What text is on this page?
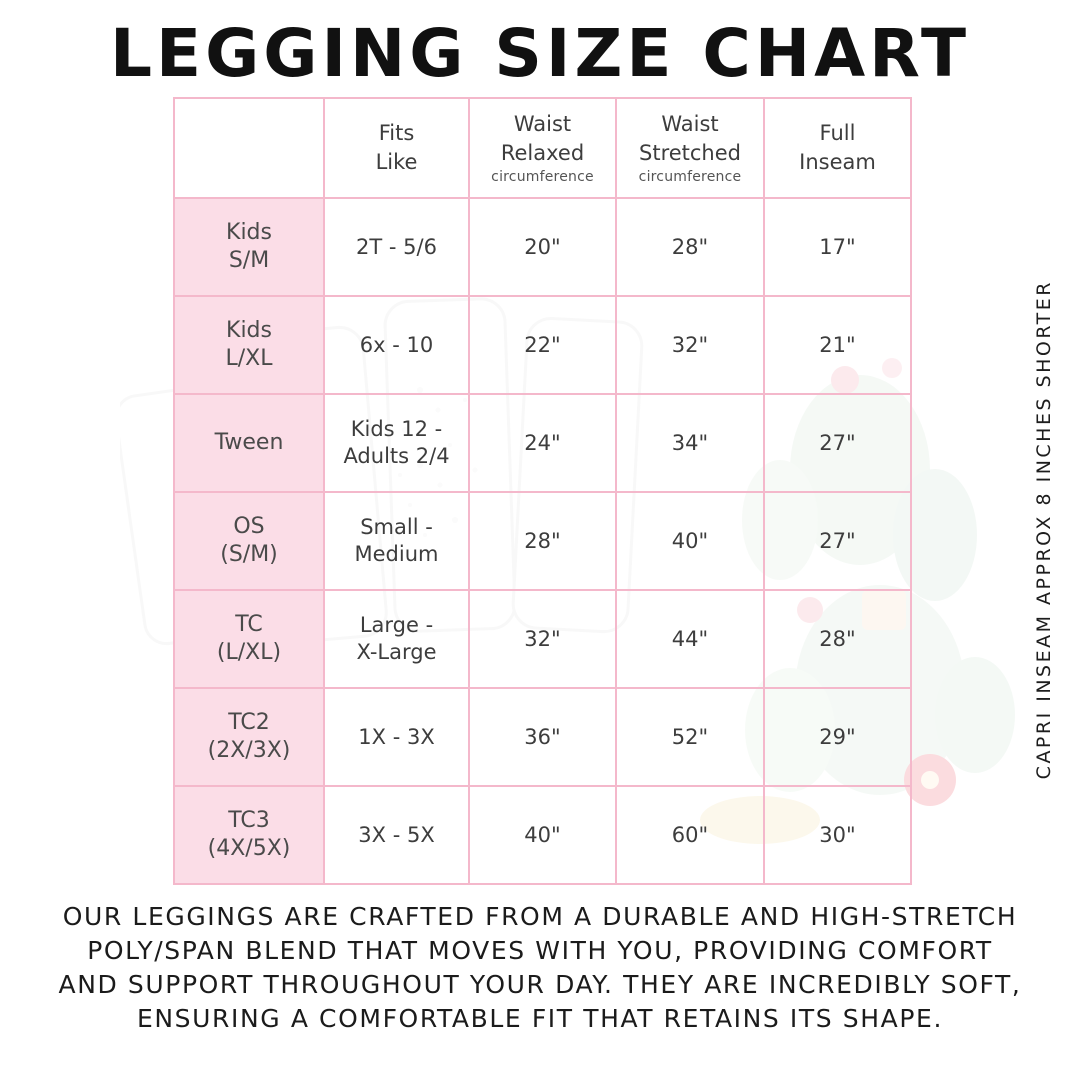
LEGGING SIZE CHART
	Fits
Like	Waist
Relaxed
circumference	Waist
Stretched
circumference	Full
Inseam

Kids
S/M	2T - 5/6	20"	28"	17"

Kids
L/XL	6x - 10	22"	32"	21"

Tween	Kids 12 -
Adults 2/4	24"	34"	27"

OS
(S/M)	Small -
Medium	28"	40"	27"

TC
(L/XL)	Large -
X-Large	32"	44"	28"

TC2
(2X/3X)	1X - 3X	36"	52"	29"

TC3
(4X/5X)	3X - 5X	40"	60"	30"
CAPRI INSEAM APPROX 8 INCHES SHORTER

OUR LEGGINGS ARE CRAFTED FROM A DURABLE AND HIGH-STRETCH

POLY/SPAN BLEND THAT MOVES WITH YOU, PROVIDING COMFORT

AND SUPPORT THROUGHOUT YOUR DAY. THEY ARE INCREDIBLY SOFT,

ENSURING A COMFORTABLE FIT THAT RETAINS ITS SHAPE.
